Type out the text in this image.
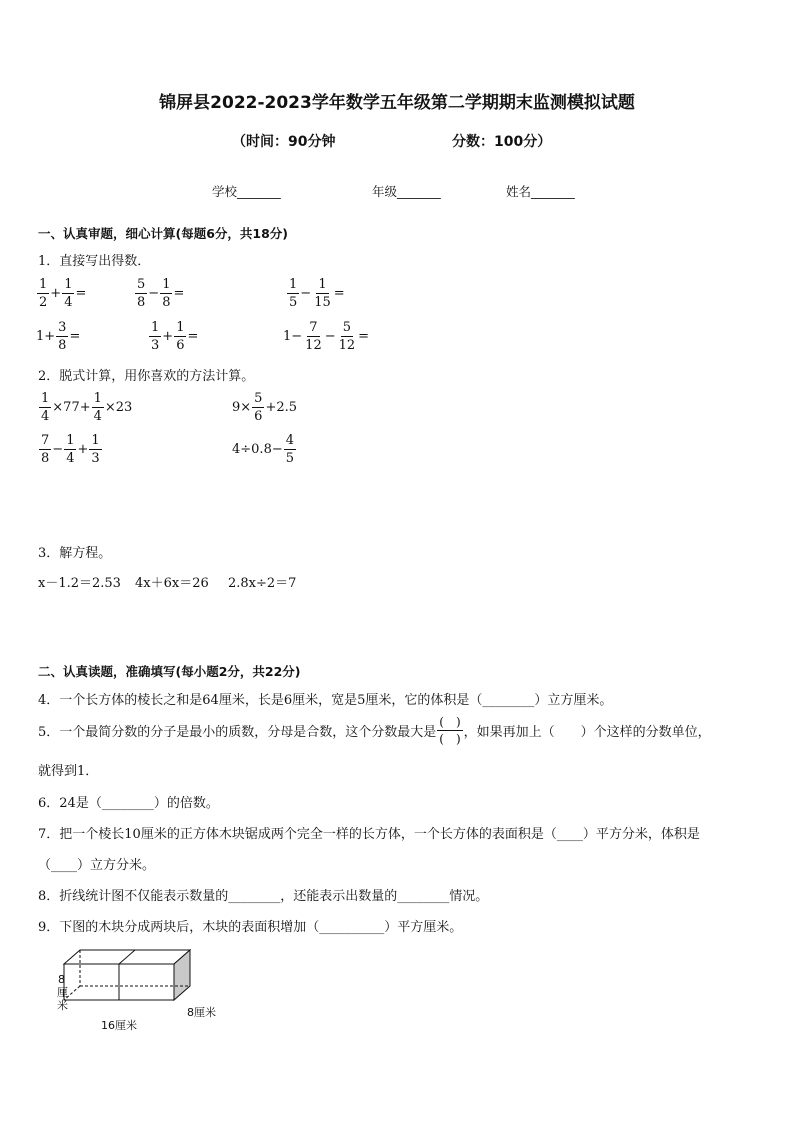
锦屏县2022-2023学年数学五年级第二学期期末监测模拟试题
（时间：90分钟	分数：100分）
学校_______	年级_______	姓名_______
一、认真审题，细心计算(每题6分，共18分)
1．直接写出得数．
$\frac{1}{2} + \frac{1}{4}$ =	$\frac{5}{8} - \frac{1}{8}$ =	$\frac{1}{5} - \frac{1}{15}$ =
$1+ \frac{3}{8}$ =	$\frac{1}{3} + \frac{1}{6}$ =	$1- \frac{7}{12} - \frac{5}{12}$ =
2．脱式计算，用你喜欢的方法计算。
$\frac{1}{4} \times 77+ \frac{1}{4} \times 23$	$9\times \frac{5}{6} +2.5$
$\frac{7}{8} - \frac{1}{4} + \frac{1}{3}$	$4\div 0.8- \frac{4}{5}$
3．解方程。
x－1.2＝2.53 4x＋6x＝26 2.8x÷2＝7
二、认真读题，准确填写(每小题2分，共22分)
4．一个长方体的棱长之和是64厘米，长是6厘米，宽是5厘米，它的体积是（________）立方厘米。
5．一个最简分数的分子是最小的质数，分母是合数，这个分数最大是 $\frac{( )}{( )}$ ，如果再加上（　　）个这样的分数单位，
就得到1．
6．24是（________）的倍数。
7．把一个棱长10厘米的正方体木块锯成两个完全一样的长方体，一个长方体的表面积是（____）平方分米，体积是
（____）立方分米。
8．折线统计图不仅能表示数量的________，还能表示出数量的________情况。
9．下图的木块分成两块后，木块的表面积增加（__________）平方厘米。
8
厘米
16厘米
8厘米
